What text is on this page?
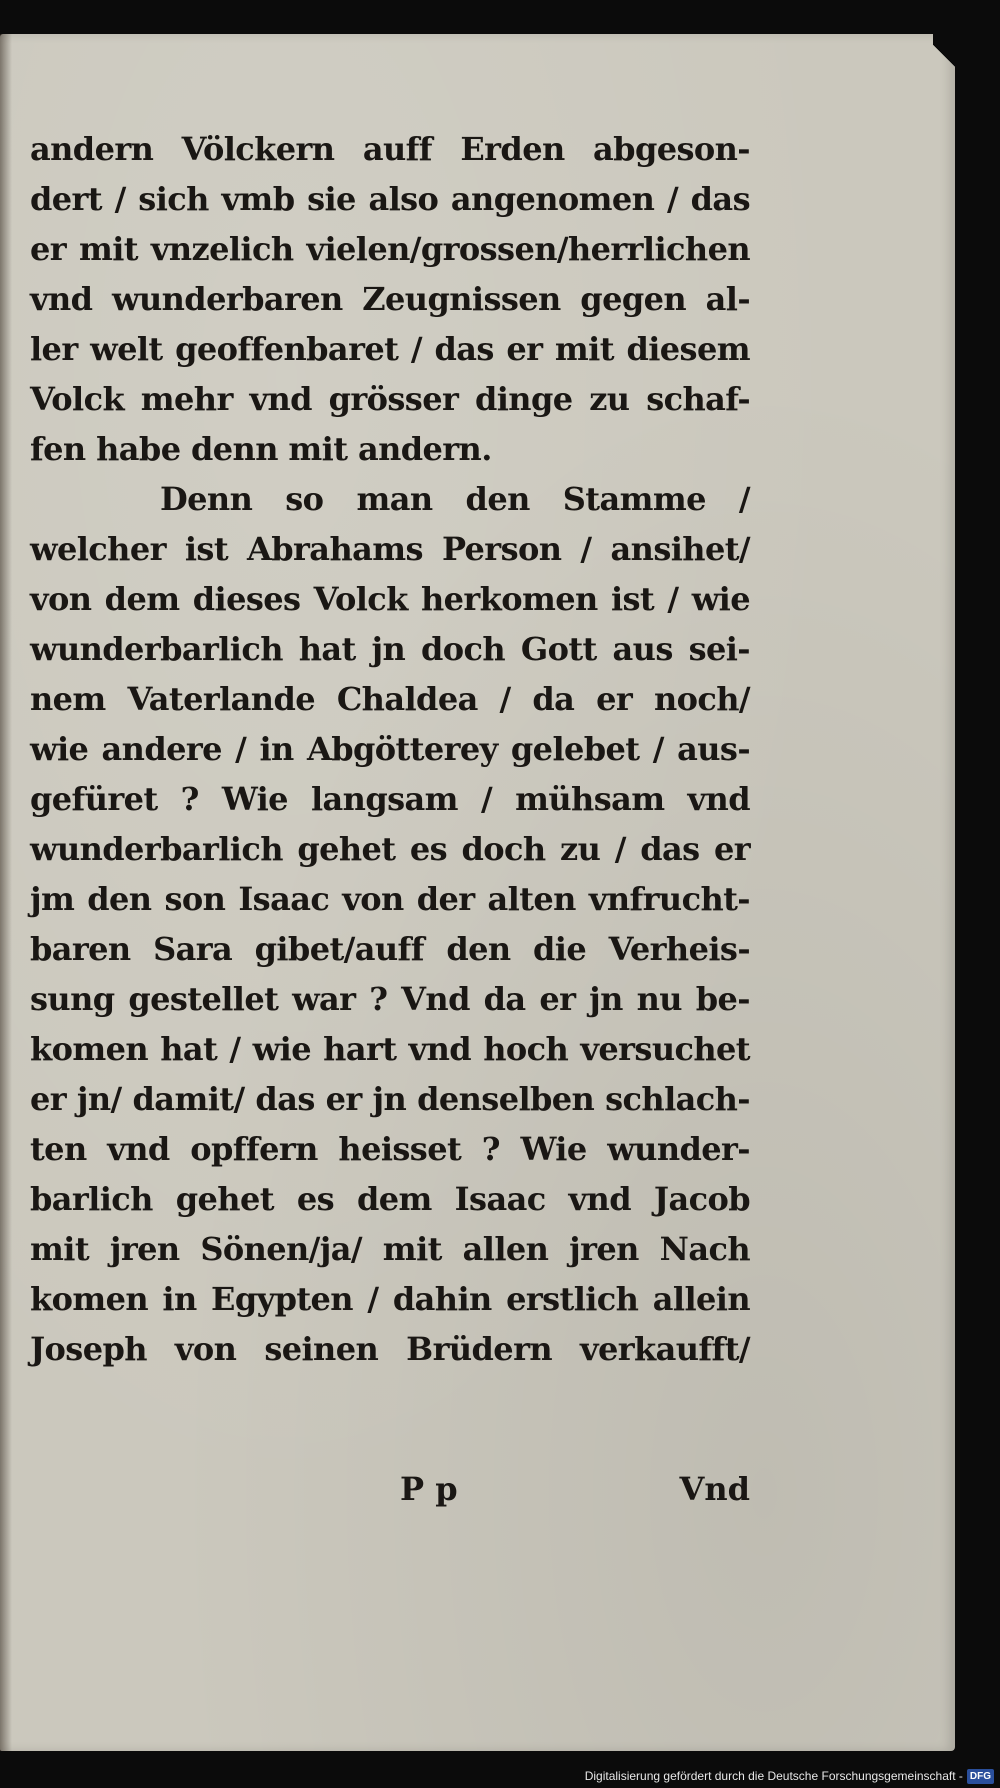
andern Völckern auff Erden abgeson-
dert / sich vmb sie also angenomen / das
er mit vnzelich vielen/grossen/herrlichen
vnd wunderbaren Zeugnissen gegen al-
ler welt geoffenbaret / das er mit diesem
Volck mehr vnd grösser dinge zu schaf-
fen habe denn mit andern.
Denn so man den Stamme /
welcher ist Abrahams Person / ansihet/
von dem dieses Volck herkomen ist / wie
wunderbarlich hat jn doch Gott aus sei-
nem Vaterlande Chaldea / da er noch/
wie andere / in Abgötterey gelebet / aus-
gefüret ? Wie langsam / mühsam vnd
wunderbarlich gehet es doch zu / das er
jm den son Isaac von der alten vnfrucht-
baren Sara gibet/auff den die Verheis-
sung gestellet war ? Vnd da er jn nu be-
komen hat / wie hart vnd hoch versuchet
er jn/ damit/ das er jn denselben schlach-
ten vnd opffern heisset ? Wie wunder-
barlich gehet es dem Isaac vnd Jacob
mit jren Sönen/ja/ mit allen jren Nach
komen in Egypten / dahin erstlich allein
Joseph von seinen Brüdern verkaufft/
P p	Vnd
Digitalisierung gefördert durch die Deutsche Forschungsgemeinschaft - DFG
